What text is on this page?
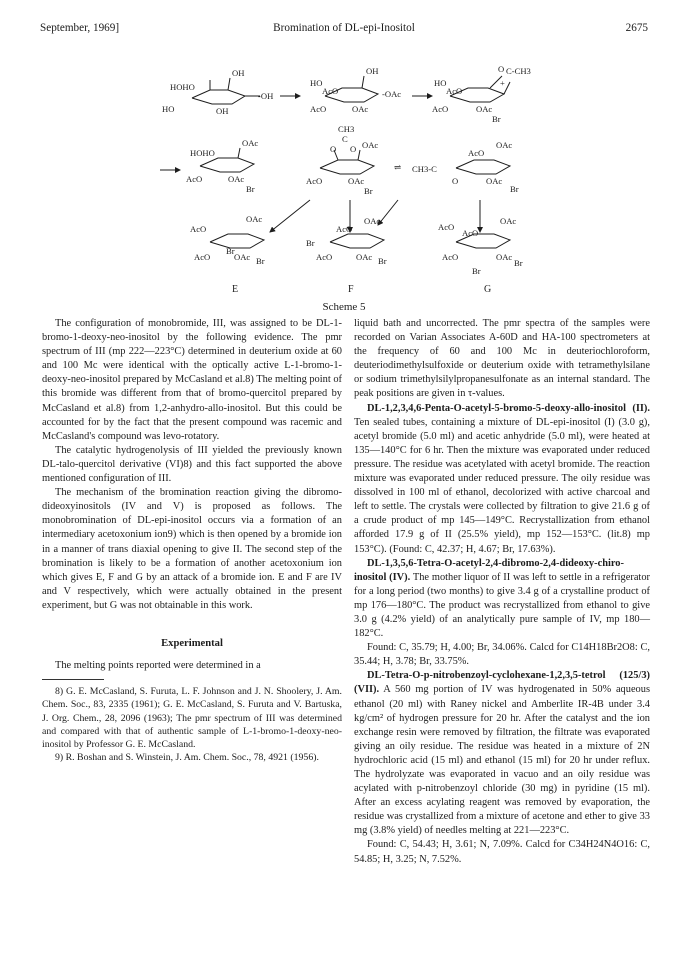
September, 1969]	Bromination of DL-epi-Inositol	2675
HOHO
OH
-OH
HO	OH
HO
AcO
OH
-OAc
AcO	OAc
HO
AcO
O C-CH3
+
AcO	OAc
Br
HOHO
OAc
AcO	OAc
Br
CH3
C
O O OAc
AcO	OAc
Br
⇌ CH3-C
AcO
OAc
O	OAc
Br
AcO
OAc
Br
AcO	OAc Br
AcO
OAc
Br
AcO	OAc Br
AcO
AcO
OAc
AcO	OAc
Br
Br
E	F	G
Scheme 5

The configuration of monobromide, III, was assigned to be DL-1-bromo-1-deoxy-neo-inositol by the following evidence. The pmr spectrum of III (mp 222—223°C) determined in deuterium oxide at 60 and 100 Mc were identical with the optically active L-1-bromo-1-deoxy-neo-inositol prepared by McCasland et al.8) The melting point of this bromide was different from that of bromo-quercitol prepared by McCasland et al.8) from 1,2-anhydro-allo-inositol. But this could be accounted for by the fact that the present compound was racemic and McCasland's compound was levo-rotatory.

The catalytic hydrogenolysis of III yielded the previously known DL-talo-quercitol derivative (VI)8) and this fact supported the above mentioned configuration of III.

The mechanism of the bromination reaction giving the dibromo-dideoxyinositols (IV and V) is proposed as follows. The monobromination of DL-epi-inositol occurs via a formation of an intermediary acetoxonium ion9) which is then opened by a bromide ion in a manner of trans diaxial opening to give II. The second step of the bromination is likely to be a formation of another acetoxonium ion which gives E, F and G by an attack of a bromide ion. E and F are IV and V respectively, which were actually obtained in the present experiment, but G was not obtainable in this work.

Experimental

The melting points reported were determined in a

8) G. E. McCasland, S. Furuta, L. F. Johnson and J. N. Shoolery, J. Am. Chem. Soc., 83, 2335 (1961); G. E. McCasland, S. Furuta and V. Bartuska, J. Org. Chem., 28, 2096 (1963); The pmr spectrum of III was determined and compared with that of authentic sample of L-1-bromo-1-deoxy-neo-inositol by Professor G. E. McCasland.

9) R. Boshan and S. Winstein, J. Am. Chem. Soc., 78, 4921 (1956).

liquid bath and uncorrected. The pmr spectra of the samples were recorded on Varian Associates A-60D and HA-100 spectrometers at the frequency of 60 and 100 Mc in deuteriochloroform, deuteriodimethylsulfoxide or deuterium oxide with tetramethylsilane or sodium trimethylsilylpropanesulfonate as an internal standard. The peak positions are given in τ-values.

DL-1,2,3,4,6-Penta-O-acetyl-5-bromo-5-deoxy-allo-inositol (II). Ten sealed tubes, containing a mixture of DL-epi-inositol (I) (3.0 g), acetyl bromide (5.0 ml) and acetic anhydride (5.0 ml), were heated at 135—140°C for 6 hr. Then the mixture was evaporated under reduced pressure. The residue was acetylated with acetyl bromide. The reaction mixture was evaporated under reduced pressure. The oily residue was dissolved in 100 ml of ethanol, decolorized with active charcoal and left to settle. The crystals were collected by filtration to give 21.6 g of a crude product of mp 145—149°C. Recrystallization from ethanol afforded 17.9 g of II (25.5% yield), mp 152—153°C. (lit.8) mp 153°C). (Found: C, 42.37; H, 4.67; Br, 17.63%).

DL-1,3,5,6-Tetra-O-acetyl-2,4-dibromo-2,4-dideoxy-chiro-inositol (IV). The mother liquor of II was left to settle in a refrigerator for a long period (two months) to give 3.4 g of a crystalline product of mp 176—180°C. The product was recrystallized from ethanol to give 3.0 g (4.2% yield) of an analytically pure sample of IV, mp 180—182°C.

Found: C, 35.79; H, 4.00; Br, 34.06%. Calcd for C14H18Br2O8: C, 35.44; H, 3.78; Br, 33.75%.

DL-Tetra-O-p-nitrobenzoyl-cyclohexane-1,2,3,5-tetrol (125/3) (VII). A 560 mg portion of IV was hydrogenated in 50% aqueous ethanol (20 ml) with Raney nickel and Amberlite IR-4B under 3.4 kg/cm² of hydrogen pressure for 20 hr. After the catalyst and the ion exchange resin were removed by filtration, the filtrate was evaporated giving an oily residue. The residue was heated in a mixture of 2N hydrochloric acid (15 ml) and ethanol (15 ml) for 20 hr under reflux. The hydrolyzate was evaporated in vacuo and an oily residue was acylated with p-nitrobenzoyl chloride (30 mg) in pyridine (15 ml). After an excess acylating reagent was removed by evaporation, the residue was crystallized from a mixture of acetone and ether to give 33 mg (3.8% yield) of needles melting at 221—223°C.

Found: C, 54.43; H, 3.61; N, 7.09%. Calcd for C34H24N4O16: C, 54.85; H, 3.25; N, 7.52%.
